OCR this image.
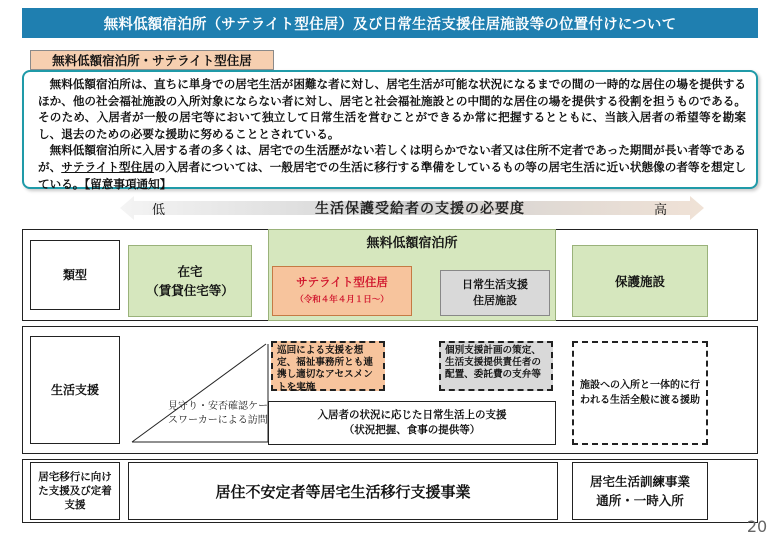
無料低額宿泊所（サテライト型住居）及び日常生活支援住居施設等の位置付けについて
無料低額宿泊所・サテライト型住居

無料低額宿泊所は、直ちに単身での居宅生活が困難な者に対し、居宅生活が可能な状況になるまでの間の一時的な居住の場を提供するほか、他の社会福祉施設の入所対象にならない者に対し、居宅と社会福祉施設との中間的な居住の場を提供する役割を担うものである。そのため、入居者が一般の居宅等において独立して日常生活を営むことができるか常に把握するとともに、当該入居者の希望等を勘案し、退去のための必要な援助に努めることとされている。

無料低額宿泊所に入居する者の多くは、居宅での生活歴がない若しくは明らかでない者又は住所不定者であった期間が長い者等であるが、サテライト型住居の入居者については、一般居宅での生活に移行する準備をしているもの等の居宅生活に近い状態像の者等を想定している。【留意事項通知】

低	生活保護受給者の支援の必要度	高
類型	在宅
（賃貸住宅等）
無料低額宿泊所
サテライト型住居
（令和４年４月１日〜）
日常生活支援
住居施設
保護施設
生活支援
巡回による支援を想定、福祉事務所とも連携し適切なアセスメントを実施
個別支援計画の策定、生活支援提供責任者の配置、委託費の支弁等
見守り・安否確認ケースワーカーによる訪問	入居者の状況に応じた日常生活上の支援
（状況把握、食事の提供等）
施設への入所と一体的に行
われる生活全般に渡る援助
居宅移行に向けた支援及び定着支援
居住不安定者等居宅生活移行支援事業
居宅生活訓練事業
通所・一時入所
20
